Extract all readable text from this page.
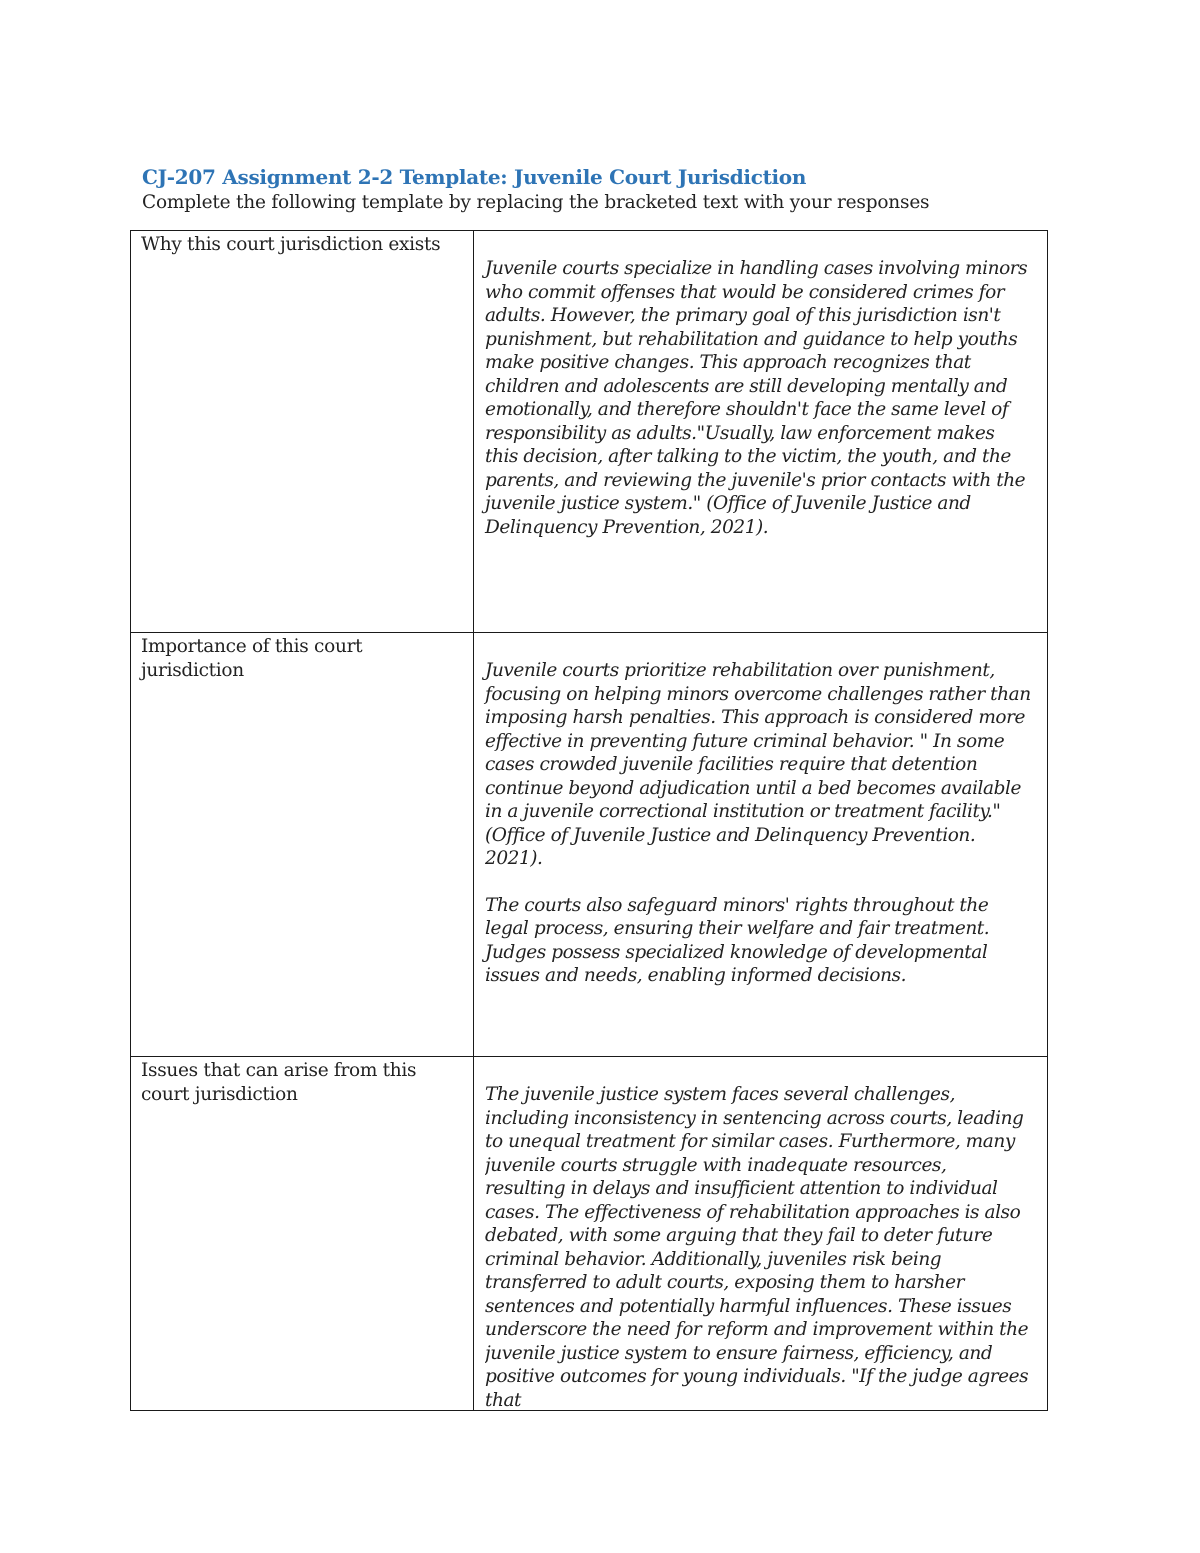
CJ-207 Assignment 2-2 Template: Juvenile Court Jurisdiction

Complete the following template by replacing the bracketed text with your responses

Why this court jurisdiction exists	Juvenile courts specialize in handling cases involving minors who commit offenses that would be considered crimes for adults. However, the primary goal of this jurisdiction isn't punishment, but rehabilitation and guidance to help youths make positive changes. This approach recognizes that children and adolescents are still developing mentally and emotionally, and therefore shouldn't face the same level of responsibility as adults."Usually, law enforcement makes this decision, after talking to the victim, the youth, and the parents, and reviewing the juvenile's prior contacts with the juvenile justice system." (Office of Juvenile Justice and Delinquency Prevention, 2021).

Importance of this court jurisdiction	Juvenile courts prioritize rehabilitation over punishment, focusing on helping minors overcome challenges rather than imposing harsh penalties. This approach is considered more effective in preventing future criminal behavior. " In some cases crowded juvenile facilities require that detention continue beyond adjudication until a bed becomes available in a juvenile correctional institution or treatment facility." (Office of Juvenile Justice and Delinquency Prevention. 2021).

The courts also safeguard minors' rights throughout the legal process, ensuring their welfare and fair treatment. Judges possess specialized knowledge of developmental issues and needs, enabling informed decisions.

Issues that can arise from this court jurisdiction	The juvenile justice system faces several challenges, including inconsistency in sentencing across courts, leading to unequal treatment for similar cases. Furthermore, many juvenile courts struggle with inadequate resources, resulting in delays and insufficient attention to individual cases. The effectiveness of rehabilitation approaches is also debated, with some arguing that they fail to deter future criminal behavior. Additionally, juveniles risk being transferred to adult courts, exposing them to harsher sentences and potentially harmful influences. These issues underscore the need for reform and improvement within the juvenile justice system to ensure fairness, efficiency, and positive outcomes for young individuals. "If the judge agrees that
